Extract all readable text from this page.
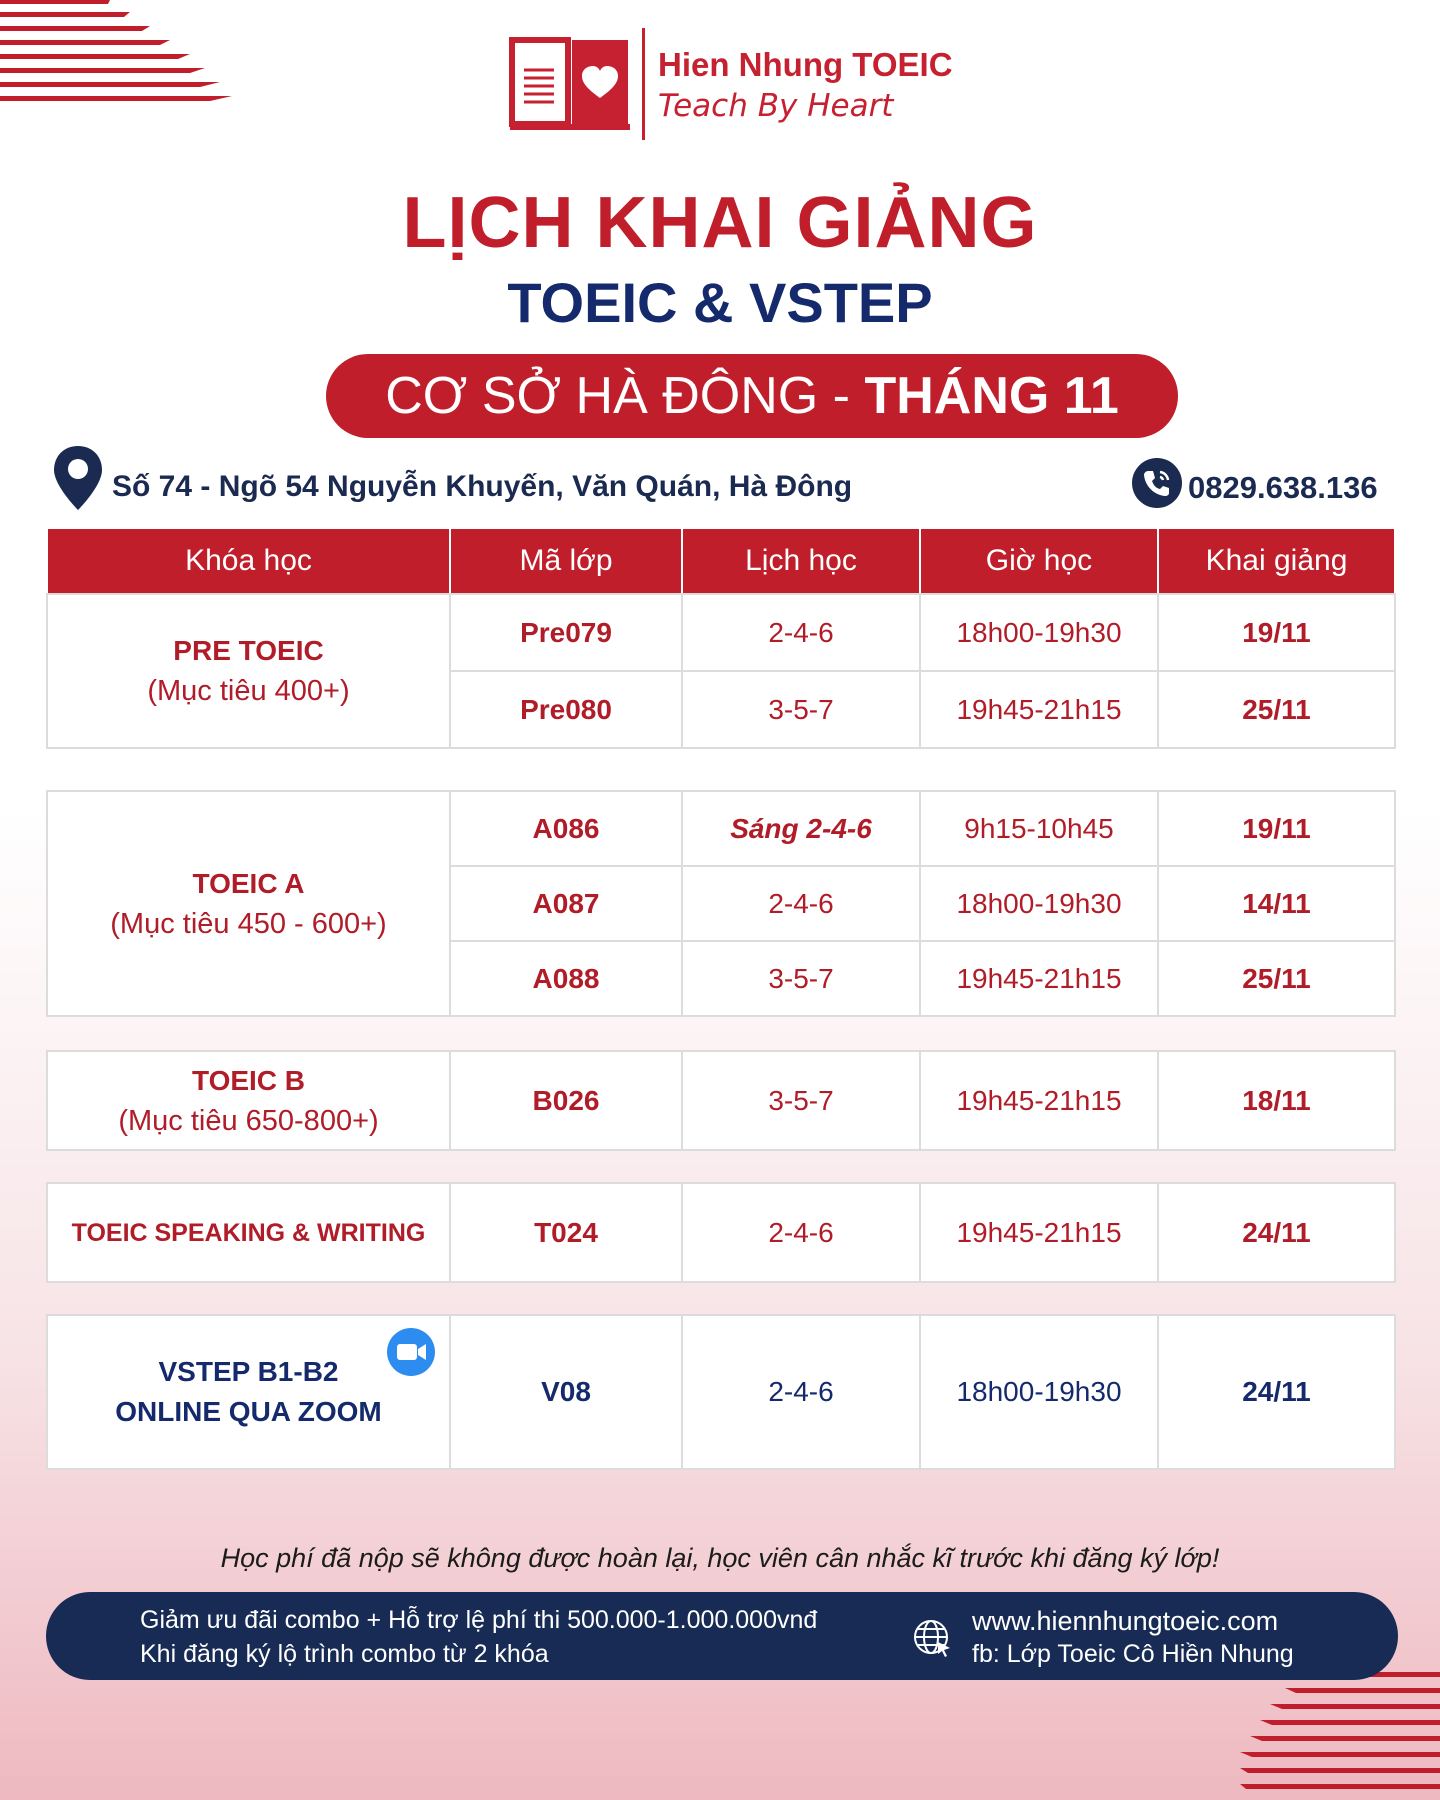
Hien Nhung TOEIC
Teach By Heart
LỊCH KHAI GIẢNG
TOEIC & VSTEP
CƠ SỞ HÀ ĐÔNG - THÁNG 11
Số 74 - Ngõ 54 Nguyễn Khuyến, Văn Quán, Hà Đông	0829.638.136
Khóa học	Mã lớp	Lịch học	Giờ học	Khai giảng
PRE TOEIC
(Mục tiêu 400+)	Pre079	2-4-6	18h00-19h30	19/11
	Pre080	3-5-7	19h45-21h15	25/11
TOEIC A
(Mục tiêu 450 - 600+)	A086	Sáng 2-4-6	9h15-10h45	19/11
	A087	2-4-6	18h00-19h30	14/11
	A088	3-5-7	19h45-21h15	25/11
TOEIC B
(Mục tiêu 650-800+)
	B026	3-5-7	19h45-21h15	18/11
TOEIC SPEAKING & WRITING	T024	2-4-6	19h45-21h15	24/11
VSTEP B1-B2
ONLINE QUA ZOOM
	V08	2-4-6	18h00-19h30	24/11
Học phí đã nộp sẽ không được hoàn lại, học viên cân nhắc kĩ trước khi đăng ký lớp!
Giảm ưu đãi combo + Hỗ trợ lệ phí thi 500.000-1.000.000vnđ
Khi đăng ký lộ trình combo từ 2 khóa
www.hiennhungtoeic.com
fb: Lớp Toeic Cô Hiền Nhung
